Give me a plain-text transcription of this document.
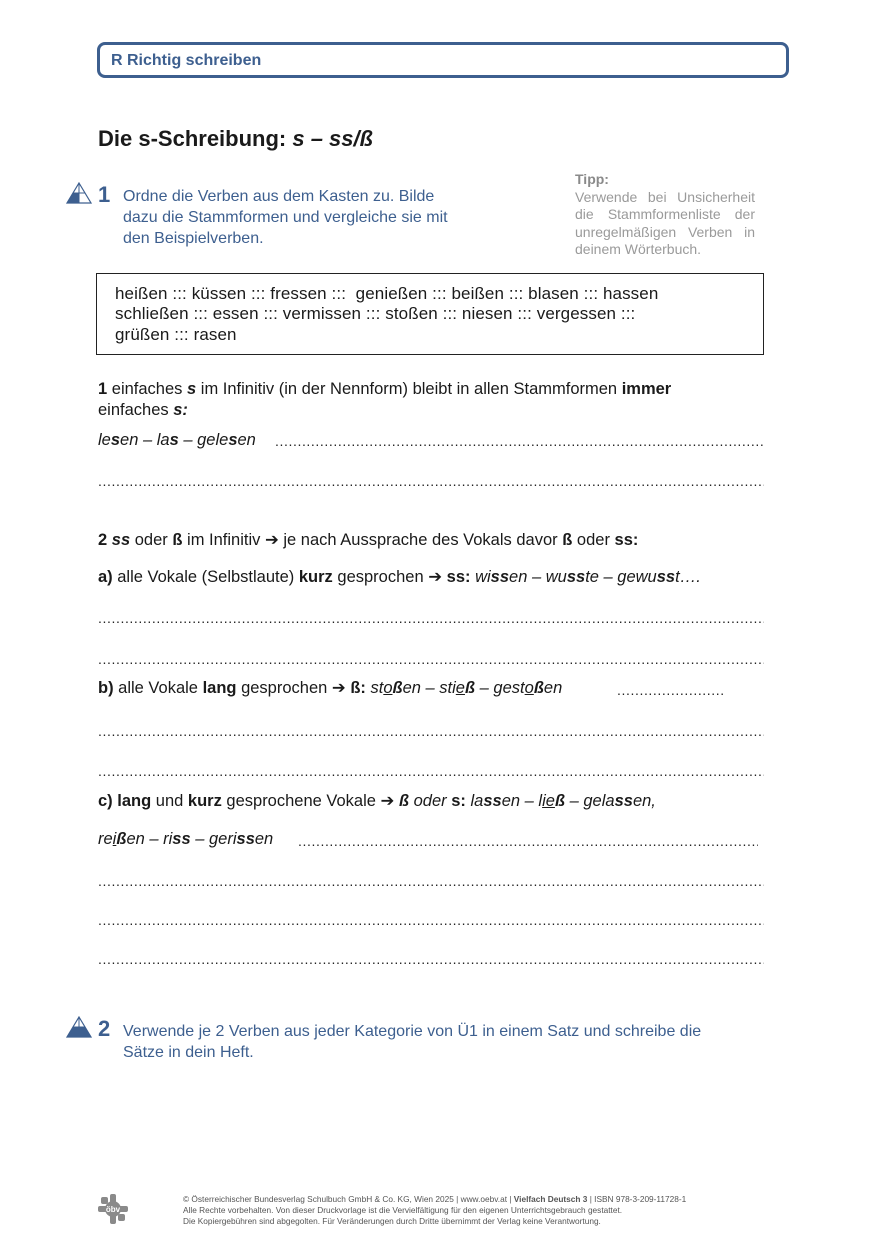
R Richtig schreiben
Die s-Schreibung: s – ss/ß
Tipp:
Verwende bei Unsicherheit die Stammformenliste der unregelmäßigen Verben in deinem Wörterbuch.
1 Ordne die Verben aus dem Kasten zu. Bilde
dazu die Stammformen und vergleiche sie mit
den Beispielverben.
heißen ::: küssen ::: fressen :::  genießen ::: beißen ::: blasen ::: hassen
schließen ::: essen ::: vermissen ::: stoßen ::: niesen ::: vergessen :::
grüßen ::: rasen
1 einfaches s im Infinitiv (in der Nennform) bleibt in allen Stammformen immer
einfaches s:
lesen – las – gelesen
.....
.....
2 ss oder ß im Infinitiv ➔ je nach Aussprache des Vokals davor ß oder ss:
a) alle Vokale (Selbstlaute) kurz gesprochen ➔ ss: wissen – wusste – gewusst….
.....
.....
b) alle Vokale lang gesprochen ➔ ß: stoßen – stieß – gestoßen
.....
.....
.....
c) lang und kurz gesprochene Vokale ➔ ß oder s: lassen – ließ – gelassen,
reißen – riss – gerissen
.....
.....
.....
.....
2 Verwende je 2 Verben aus jeder Kategorie von Ü1 in einem Satz und schreibe die
Sätze in dein Heft.
öbv
© Österreichischer Bundesverlag Schulbuch GmbH & Co. KG, Wien 2025 | www.oebv.at | Vielfach Deutsch 3 | ISBN 978-3-209-11728-1
Alle Rechte vorbehalten. Von dieser Druckvorlage ist die Vervielfältigung für den eigenen Unterrichtsgebrauch gestattet.
Die Kopiergebühren sind abgegolten. Für Veränderungen durch Dritte übernimmt der Verlag keine Verantwortung.
